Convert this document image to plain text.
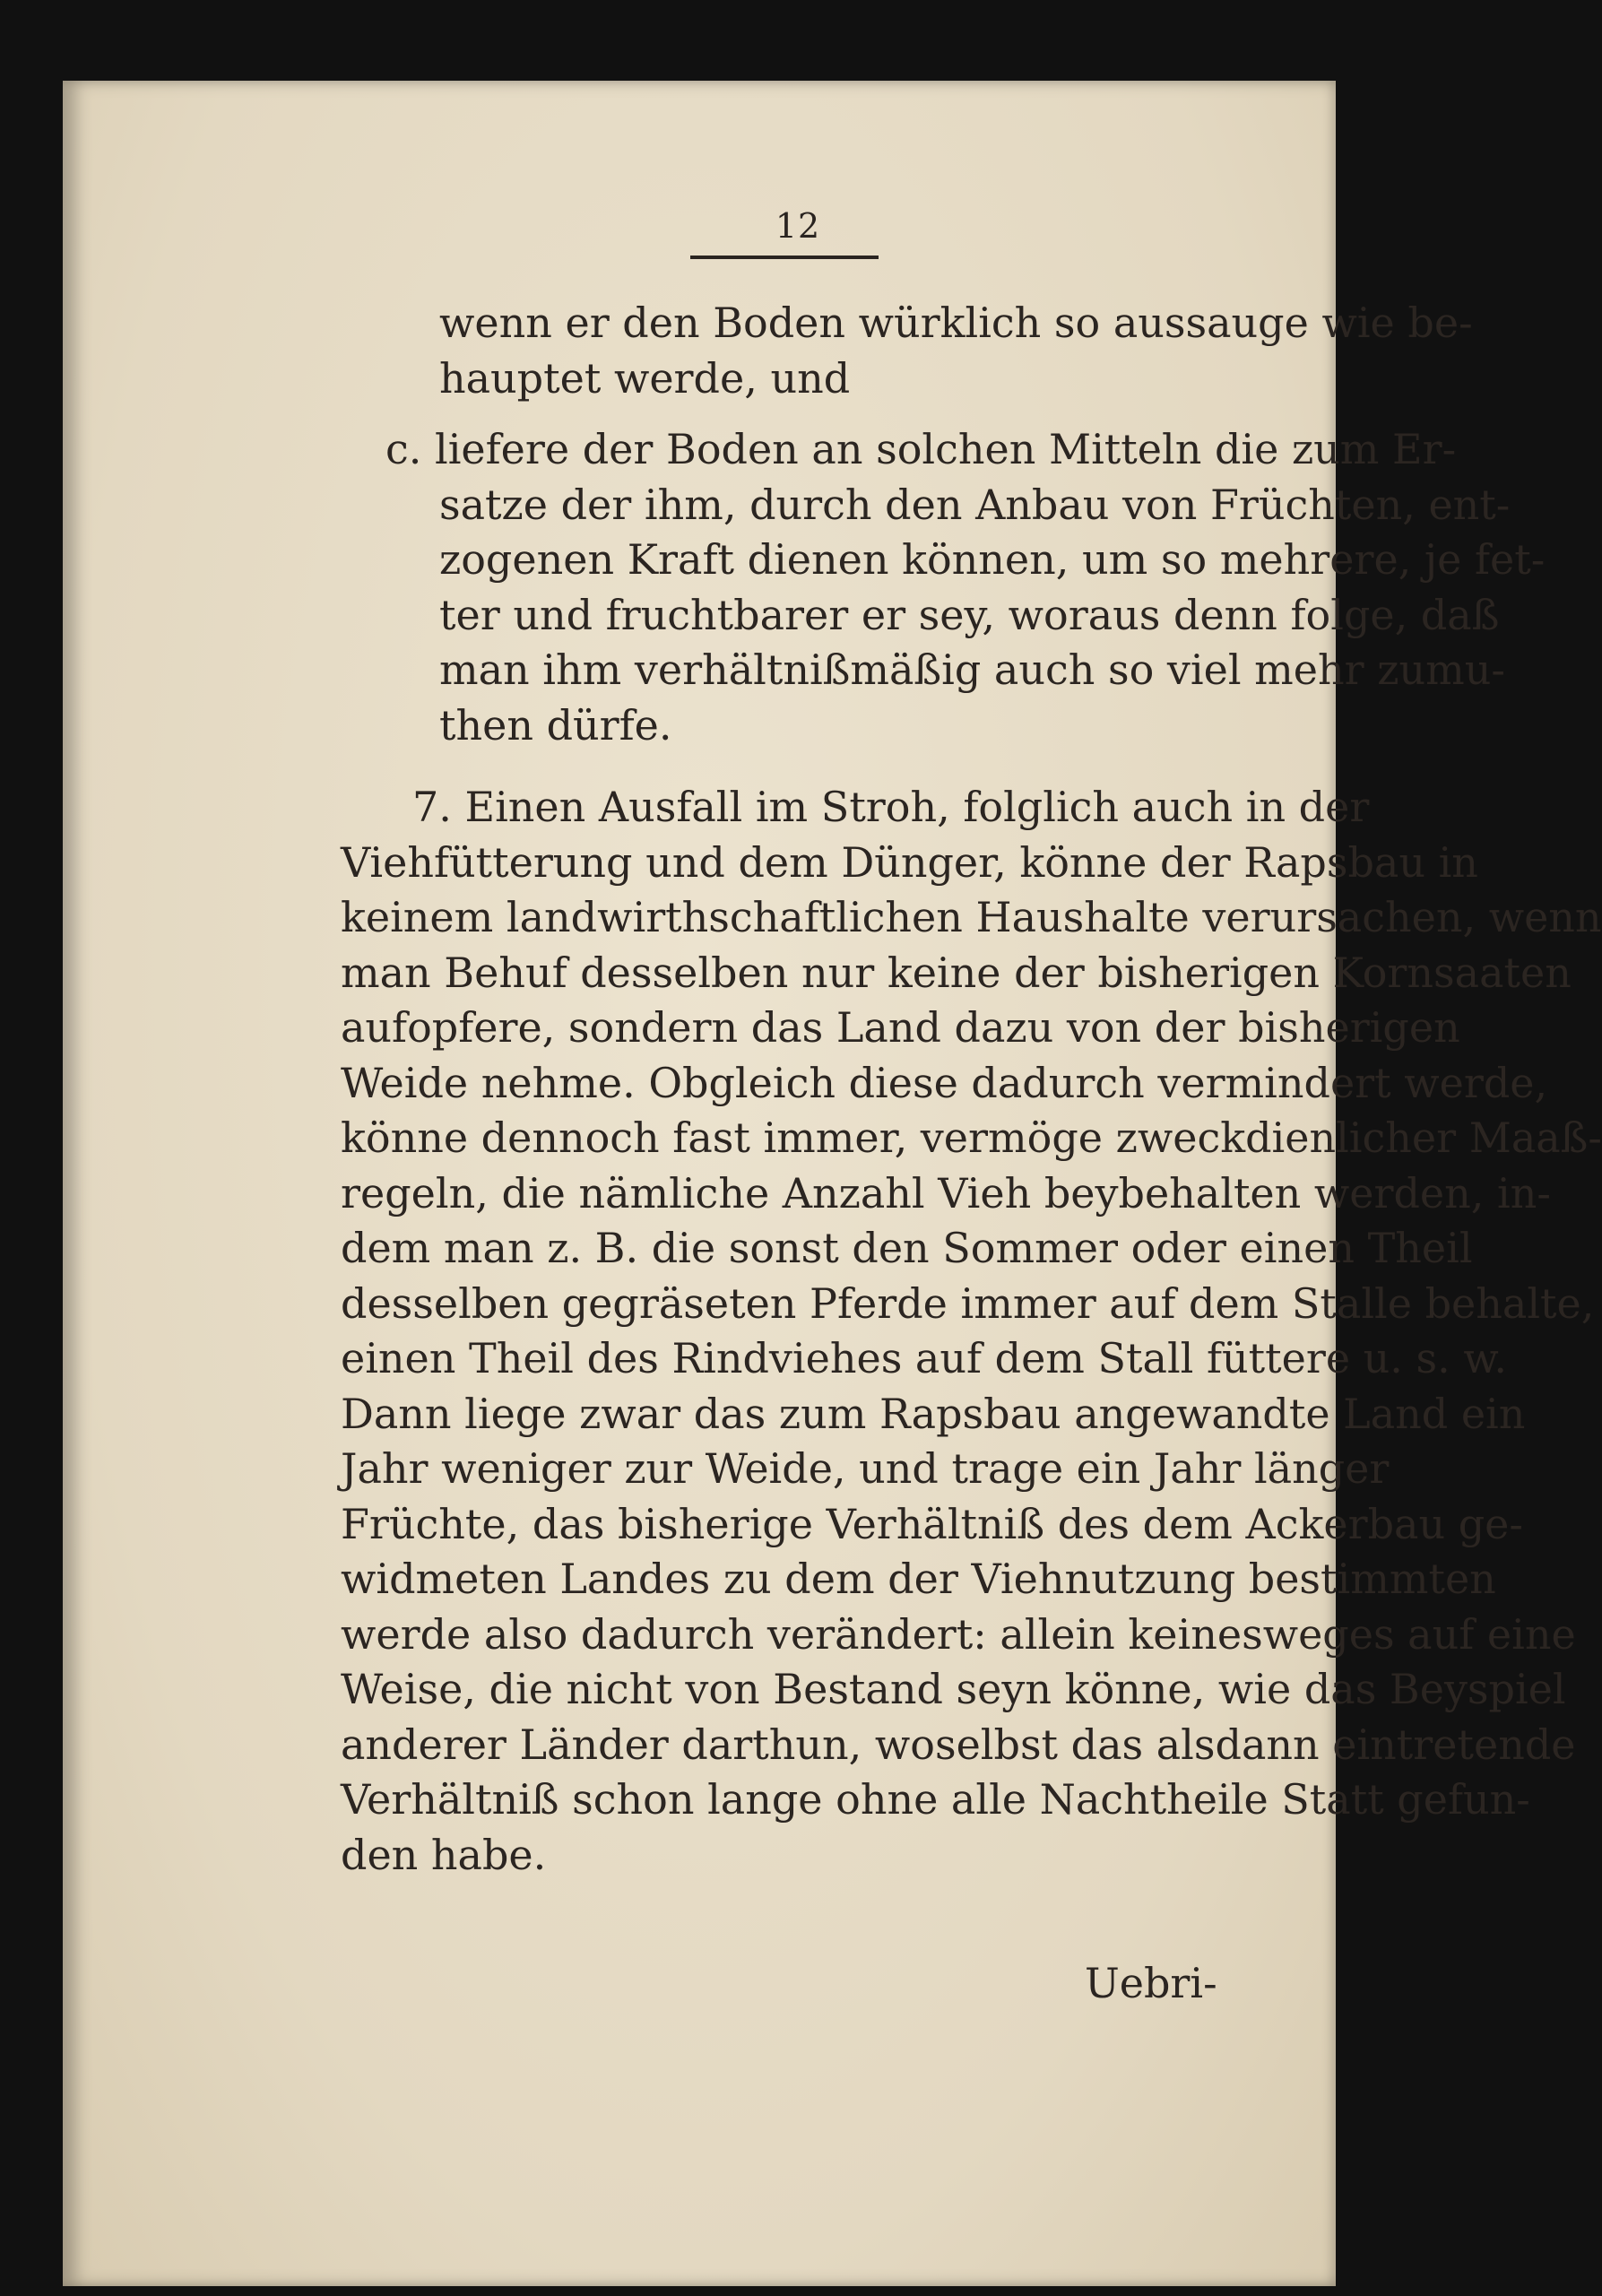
12
wenn er den Boden würklich so aussauge wie be-
hauptet werde, und
c. liefere der Boden an solchen Mitteln die zum Er-
satze der ihm, durch den Anbau von Früchten, ent-
zogenen Kraft dienen können, um so mehrere, je fet-
ter und fruchtbarer er sey, woraus denn folge, daß
man ihm verhältnißmäßig auch so viel mehr zumu-
then dürfe.
7. Einen Ausfall im Stroh, folglich auch in der
Viehfütterung und dem Dünger, könne der Rapsbau in
keinem landwirthschaftlichen Haushalte verursachen, wenn
man Behuf desselben nur keine der bisherigen Kornsaaten
aufopfere, sondern das Land dazu von der bisherigen
Weide nehme. Obgleich diese dadurch vermindert werde,
könne dennoch fast immer, vermöge zweckdienlicher Maaß-
regeln, die nämliche Anzahl Vieh beybehalten werden, in-
dem man z. B. die sonst den Sommer oder einen Theil
desselben gegräseten Pferde immer auf dem Stalle behalte,
einen Theil des Rindviehes auf dem Stall füttere u. s. w.
Dann liege zwar das zum Rapsbau angewandte Land ein
Jahr weniger zur Weide, und trage ein Jahr länger
Früchte, das bisherige Verhältniß des dem Ackerbau ge-
widmeten Landes zu dem der Viehnutzung bestimmten
werde also dadurch verändert: allein keinesweges auf eine
Weise, die nicht von Bestand seyn könne, wie das Beyspiel
anderer Länder darthun, woselbst das alsdann eintretende
Verhältniß schon lange ohne alle Nachtheile Statt gefun-
den habe.
Uebri-
